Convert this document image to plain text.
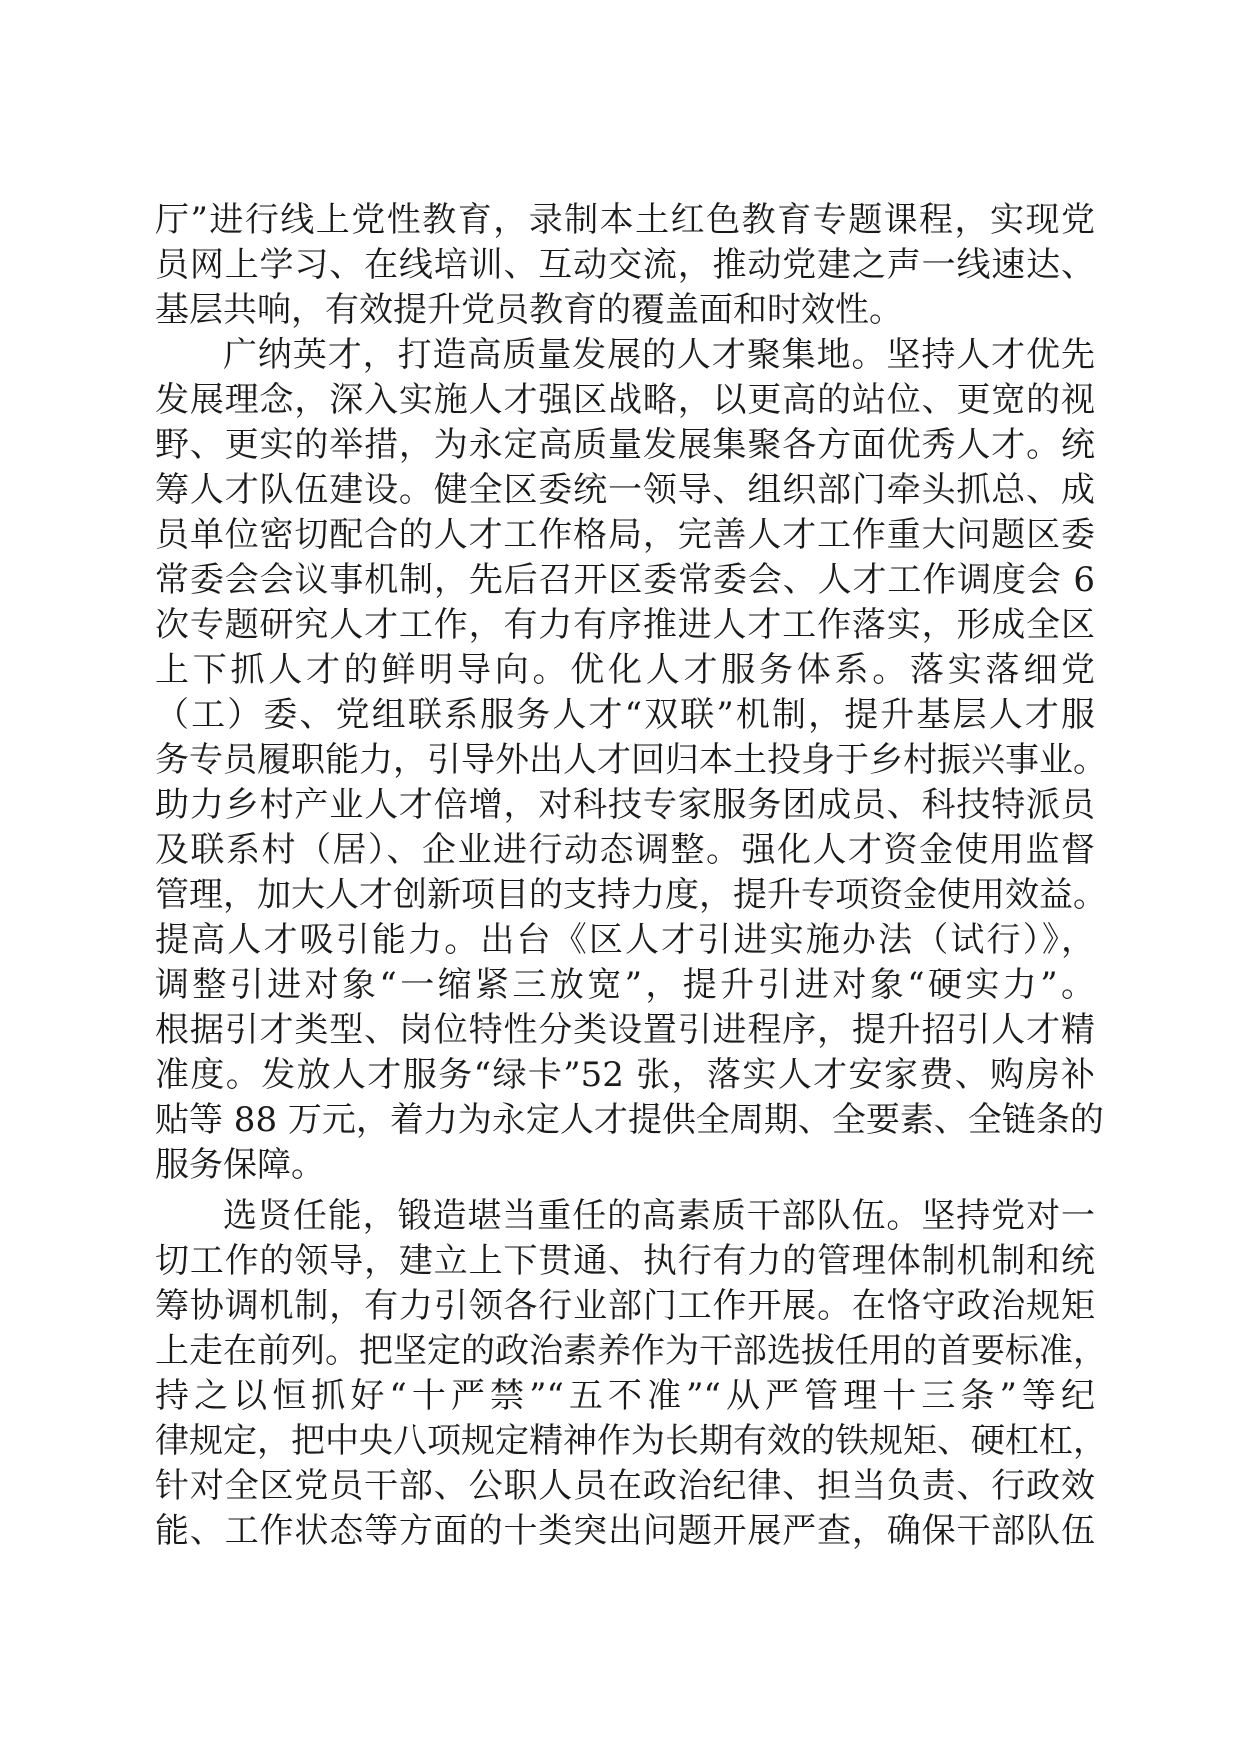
厅”进行线上党性教育，录制本土红色教育专题课程，实现党
员网上学习、在线培训、互动交流，推动党建之声一线速达、
基层共响，有效提升党员教育的覆盖面和时效性。
广纳英才，打造高质量发展的人才聚集地。坚持人才优先
发展理念，深入实施人才强区战略，以更高的站位、更宽的视
野、更实的举措，为永定高质量发展集聚各方面优秀人才。统
筹人才队伍建设。健全区委统一领导、组织部门牵头抓总、成
员单位密切配合的人才工作格局，完善人才工作重大问题区委
常委会会议事机制，先后召开区委常委会、人才工作调度会 6
次专题研究人才工作，有力有序推进人才工作落实，形成全区
上下抓人才的鲜明导向。优化人才服务体系。落实落细党
（工）委、党组联系服务人才“双联”机制，提升基层人才服
务专员履职能力，引导外出人才回归本土投身于乡村振兴事业。
助力乡村产业人才倍增，对科技专家服务团成员、科技特派员
及联系村（居）、企业进行动态调整。强化人才资金使用监督
管理，加大人才创新项目的支持力度，提升专项资金使用效益。
提高人才吸引能力。出台《区人才引进实施办法（试行）》，
调整引进对象“一缩紧三放宽”，提升引进对象“硬实力”。
根据引才类型、岗位特性分类设置引进程序，提升招引人才精
准度。发放人才服务“绿卡”52 张，落实人才安家费、购房补
贴等 88 万元，着力为永定人才提供全周期、全要素、全链条的
服务保障。
选贤任能，锻造堪当重任的高素质干部队伍。坚持党对一
切工作的领导，建立上下贯通、执行有力的管理体制机制和统
筹协调机制，有力引领各行业部门工作开展。在恪守政治规矩
上走在前列。把坚定的政治素养作为干部选拔任用的首要标准，
持之以恒抓好“十严禁”“五不准”“从严管理十三条”等纪
律规定，把中央八项规定精神作为长期有效的铁规矩、硬杠杠，
针对全区党员干部、公职人员在政治纪律、担当负责、行政效
能、工作状态等方面的十类突出问题开展严查，确保干部队伍
